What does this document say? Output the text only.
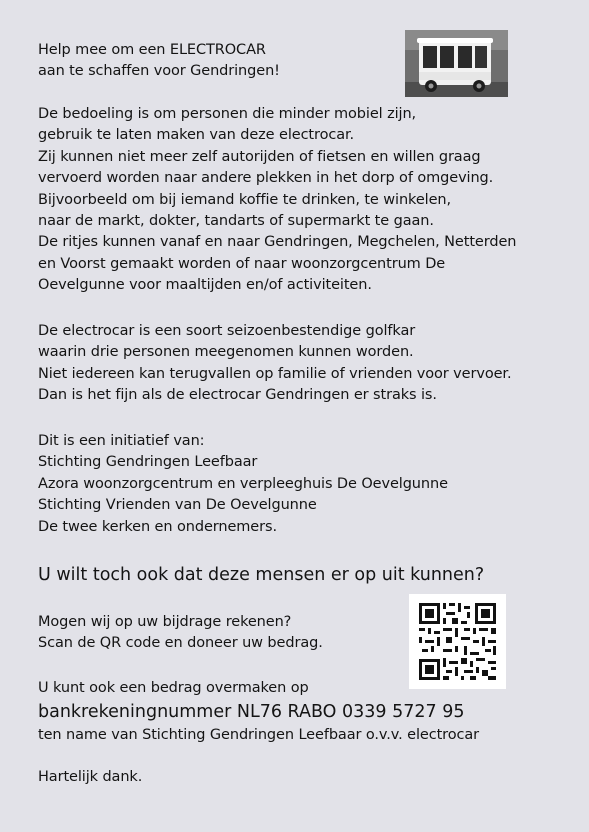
Help mee om een ELECTROCAR
aan te schaffen voor Gendringen!
De bedoeling is om personen die minder mobiel zijn,
gebruik te laten maken van deze electrocar.
Zij kunnen niet meer zelf autorijden of fietsen en willen graag
vervoerd worden naar andere plekken in het dorp of omgeving.
Bijvoorbeeld om bij iemand koffie te drinken, te winkelen,
naar de markt, dokter, tandarts of supermarkt te gaan.
De ritjes kunnen vanaf en naar Gendringen, Megchelen, Netterden
en Voorst gemaakt worden of naar woonzorgcentrum De
Oevelgunne voor maaltijden en/of activiteiten.
De electrocar is een soort seizoenbestendige golfkar
waarin drie personen meegenomen kunnen worden.
Niet iedereen kan terugvallen op familie of vrienden voor vervoer.
Dan is het fijn als de electrocar Gendringen er straks is.
Dit is een initiatief van:
Stichting Gendringen Leefbaar
Azora woonzorgcentrum en verpleeghuis De Oevelgunne
Stichting Vrienden van De Oevelgunne
De twee kerken en ondernemers.
U wilt toch ook dat deze mensen er op uit kunnen?
Mogen wij op uw bijdrage rekenen?
Scan de QR code en doneer uw bedrag.
U kunt ook een bedrag overmaken op
bankrekeningnummer NL76 RABO 0339 5727 95
ten name van Stichting Gendringen Leefbaar o.v.v. electrocar
Hartelijk dank.
